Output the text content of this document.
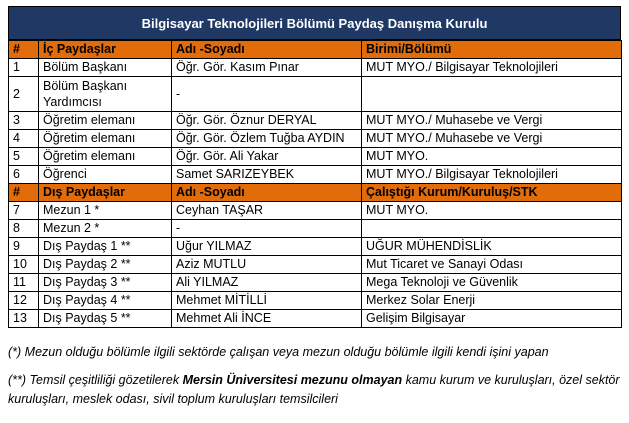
Bilgisayar Teknolojileri Bölümü Paydaş Danışma Kurulu
#	İç Paydaşlar	Adı -Soyadı	Birimi/Bölümü
1	Bölüm Başkanı	Öğr. Gör. Kasım Pınar	MUT MYO./ Bilgisayar Teknolojileri
2	Bölüm Başkanı Yardımcısı	-	
3	Öğretim elemanı	Öğr. Gör. Öznur DERYAL	MUT MYO./ Muhasebe ve Vergi
4	Öğretim elemanı	Öğr. Gör. Özlem Tuğba AYDIN	MUT MYO./ Muhasebe ve Vergi
5	Öğretim elemanı	Öğr. Gör. Ali Yakar	MUT MYO.
6	Öğrenci	Samet SARIZEYBEK	MUT MYO./ Bilgisayar Teknolojileri
#	Dış Paydaşlar	Adı -Soyadı	Çalıştığı Kurum/Kuruluş/STK
7	Mezun 1 *	Ceyhan TAŞAR	MUT MYO.
8	Mezun 2 *	-	
9	Dış Paydaş 1 **	Uğur YILMAZ	UĞUR MÜHENDİSLİK
10	Dış Paydaş 2 **	Aziz MUTLU	Mut Ticaret ve Sanayi Odası
11	Dış Paydaş 3 **	Ali YILMAZ	Mega Teknoloji ve Güvenlik
12	Dış Paydaş 4 **	Mehmet MİTİLLİ	Merkez Solar Enerji
13	Dış Paydaş 5 **	Mehmet Ali İNCE	Gelişim Bilgisayar
(*) Mezun olduğu bölümle ilgili sektörde çalışan veya mezun olduğu bölümle ilgili kendi işini yapan
(**) Temsil çeşitliliği gözetilerek Mersin Üniversitesi mezunu olmayan kamu kurum ve kuruluşları, özel sektör kuruluşları, meslek odası, sivil toplum kuruluşları temsilcileri
